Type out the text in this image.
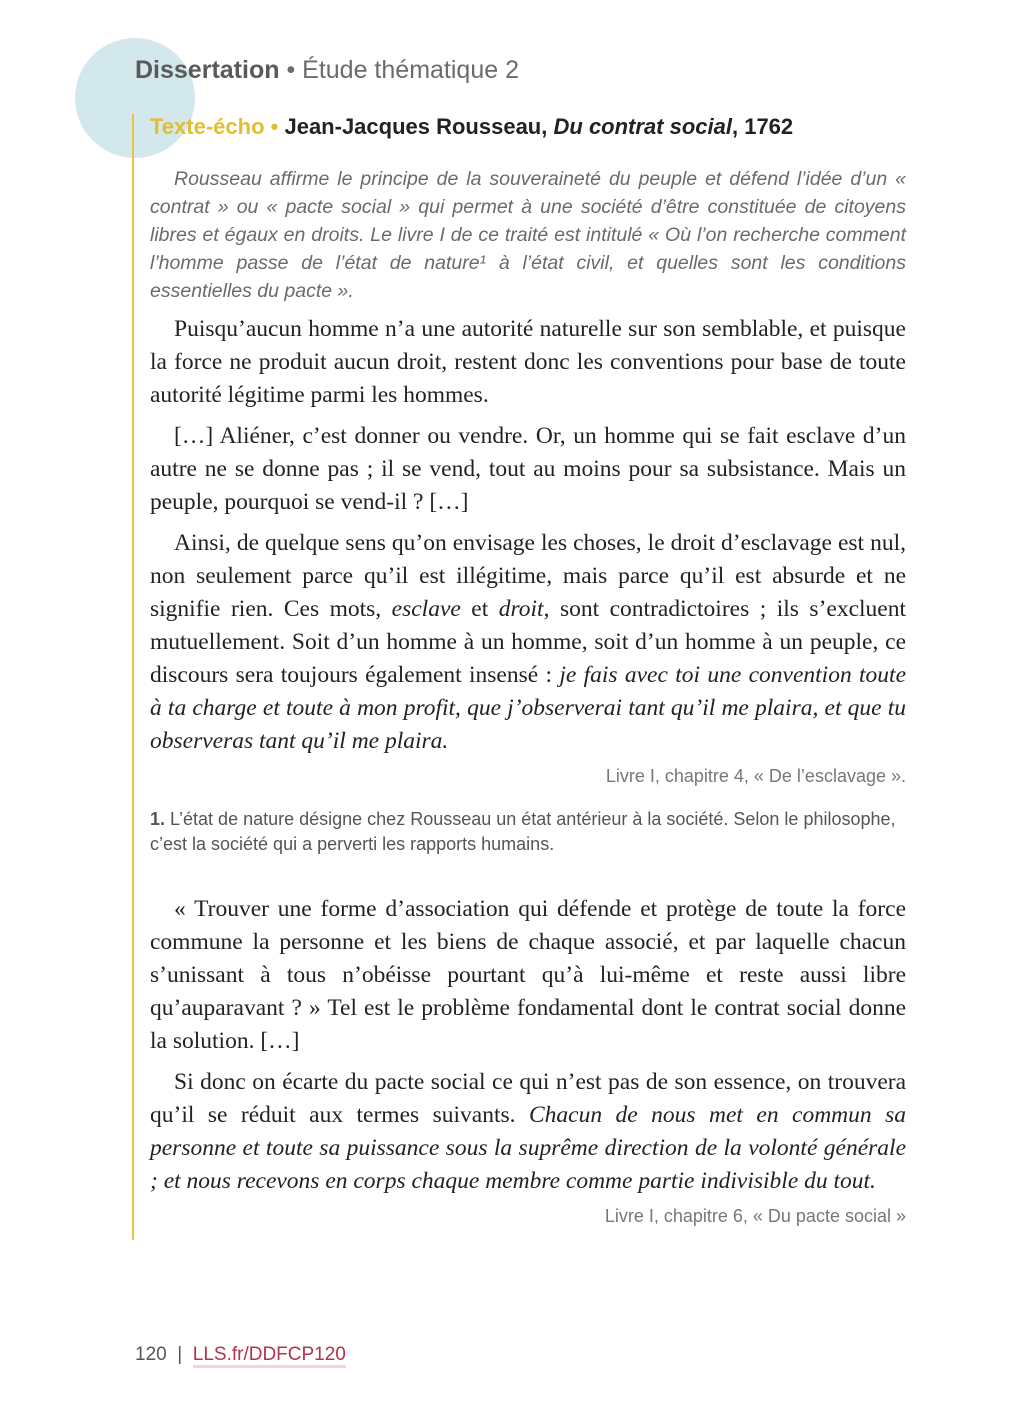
Dissertation • Étude thématique 2
Texte-écho • Jean-Jacques Rousseau, Du contrat social, 1762

Rousseau affirme le principe de la souveraineté du peuple et défend l’idée d’un « contrat » ou « pacte social » qui permet à une société d’être constituée de citoyens libres et égaux en droits. Le livre I de ce traité est intitulé « Où l’on recherche comment l’homme passe de l’état de nature¹ à l’état civil, et quelles sont les conditions essentielles du pacte ».

Puisqu’aucun homme n’a une autorité naturelle sur son semblable, et puisque la force ne produit aucun droit, restent donc les conventions pour base de toute autorité légitime parmi les hommes.

[…] Aliéner, c’est donner ou vendre. Or, un homme qui se fait esclave d’un autre ne se donne pas ; il se vend, tout au moins pour sa subsistance. Mais un peuple, pourquoi se vend-il ? […]

Ainsi, de quelque sens qu’on envisage les choses, le droit d’esclavage est nul, non seulement parce qu’il est illégitime, mais parce qu’il est absurde et ne signifie rien. Ces mots, esclave et droit, sont contradictoires ; ils s’excluent mutuellement. Soit d’un homme à un homme, soit d’un homme à un peuple, ce discours sera toujours également insensé : je fais avec toi une convention toute à ta charge et toute à mon profit, que j’observerai tant qu’il me plaira, et que tu observeras tant qu’il me plaira.

Livre I, chapitre 4, « De l’esclavage ».
1. L’état de nature désigne chez Rousseau un état antérieur à la société. Selon le philosophe, c’est la société qui a perverti les rapports humains.

« Trouver une forme d’association qui défende et protège de toute la force commune la personne et les biens de chaque associé, et par laquelle chacun s’unissant à tous n’obéisse pourtant qu’à lui-même et reste aussi libre qu’auparavant ? » Tel est le problème fondamental dont le contrat social donne la solution. […]

Si donc on écarte du pacte social ce qui n’est pas de son essence, on trouvera qu’il se réduit aux termes suivants. Chacun de nous met en commun sa personne et toute sa puissance sous la suprême direction de la volonté générale ; et nous recevons en corps chaque membre comme partie indivisible du tout.

Livre I, chapitre 6, « Du pacte social »
120 | LLS.fr/DDFCP120
